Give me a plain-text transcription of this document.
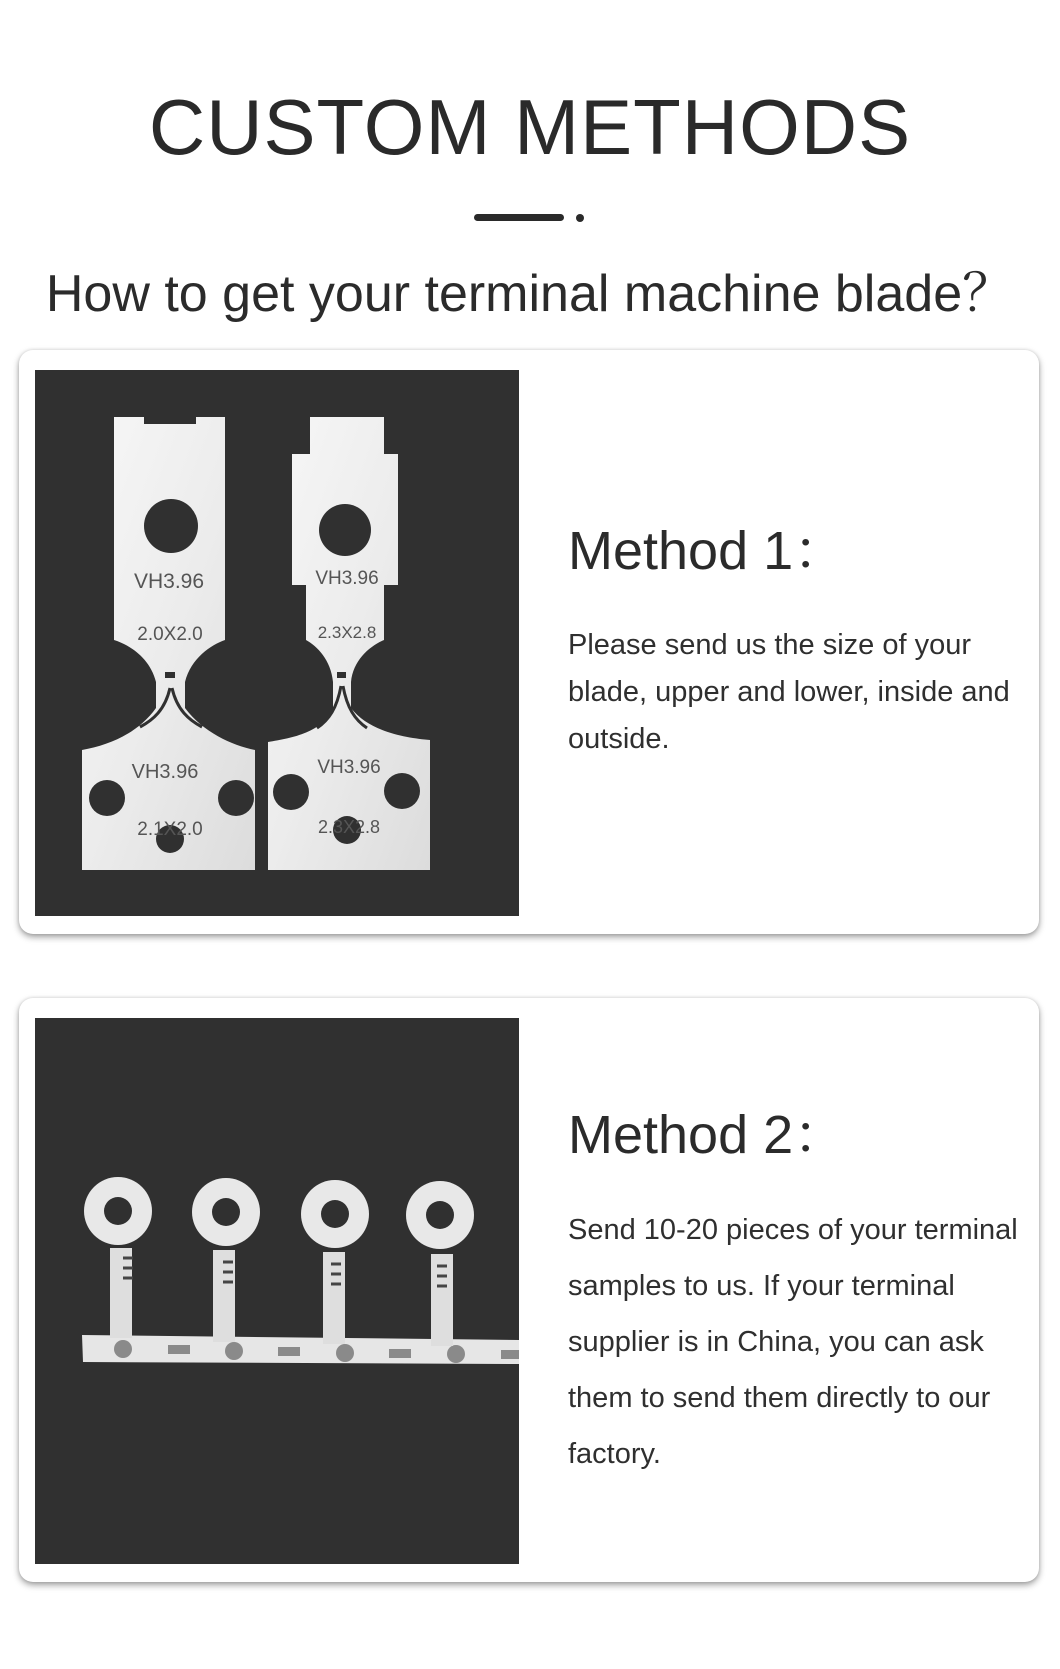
CUSTOM METHODS
How to get your terminal machine blade？
VH3.96
2.0X2.0
VH3.96
2.1X2.0
VH3.96
2.3X2.8
VH3.96
2.3X2.8
Method 1：

Please send us the size of your blade, upper and lower, inside and outside.

Method 2：

Send 10-20 pieces of your terminal samples to us. If your terminal supplier is in China, you can ask them to send them directly to our factory.
